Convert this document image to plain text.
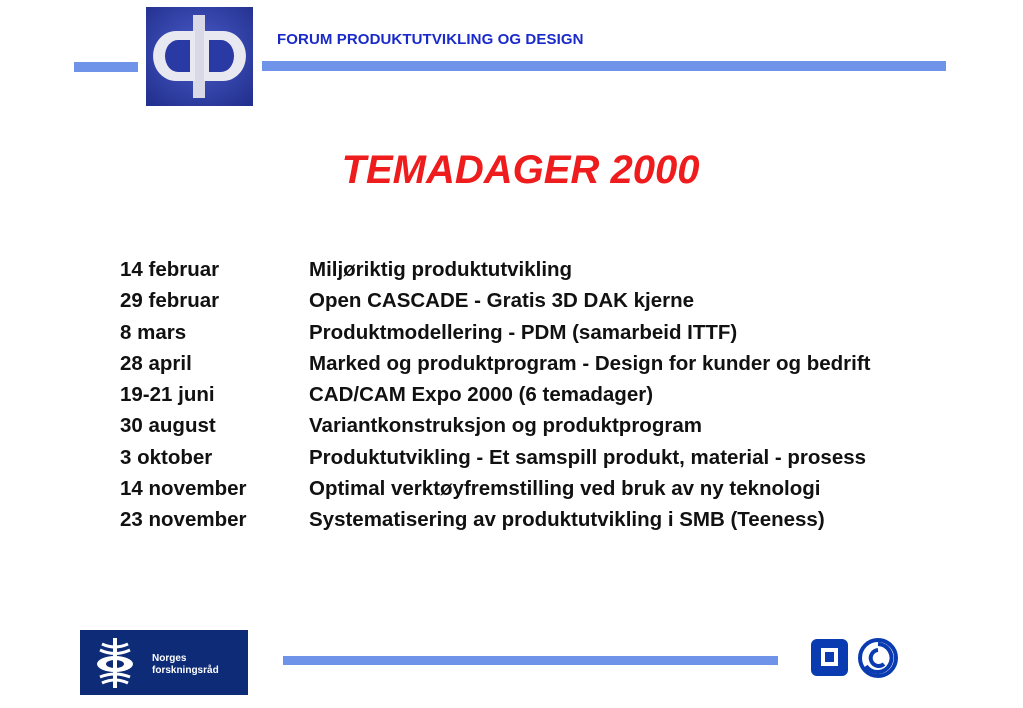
FORUM PRODUKTUTVIKLING OG DESIGN
TEMADAGER 2000
14 februar	Miljøriktig produktutvikling
29 februar	Open CASCADE - Gratis 3D DAK kjerne
8 mars	Produktmodellering - PDM (samarbeid ITTF)
28 april	Marked og produktprogram - Design for kunder og bedrift
19-21 juni	CAD/CAM Expo 2000 (6 temadager)
30 august	Variantkonstruksjon og produktprogram
3 oktober	Produktutvikling - Et samspill produkt, material - prosess
14 november	Optimal verktøyfremstilling ved bruk av ny teknologi
23 november	Systematisering av produktutvikling i SMB (Teeness)
Norges
forskningsråd
